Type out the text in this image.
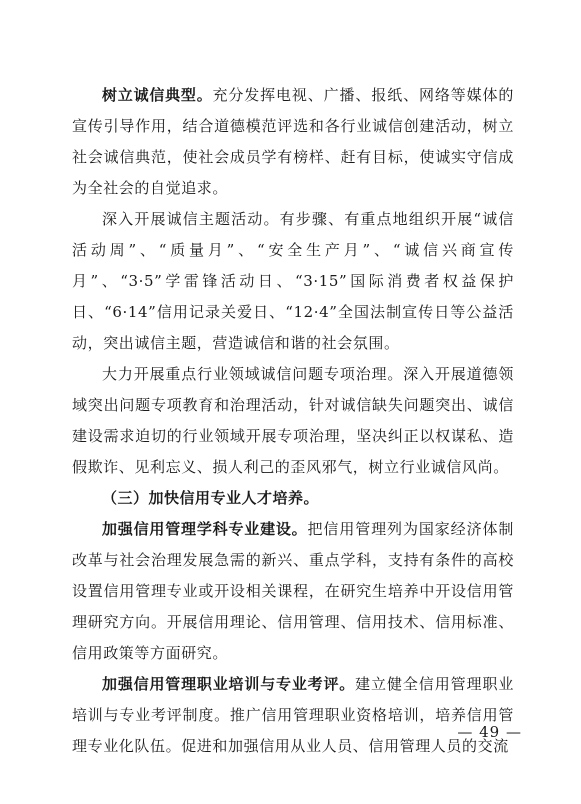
树立诚信典型。充分发挥电视、广播、报纸、网络等媒体的宣传引导作用，结合道德模范评选和各行业诚信创建活动，树立社会诚信典范，使社会成员学有榜样、赶有目标，使诚实守信成为全社会的自觉追求。

深入开展诚信主题活动。有步骤、有重点地组织开展“诚信活动周”、“质量月”、“安全生产月”、“诚信兴商宣传月”、“3·5”学雷锋活动日、“3·15”国际消费者权益保护日、“6·14”信用记录关爱日、“12·4”全国法制宣传日等公益活动，突出诚信主题，营造诚信和谐的社会氛围。

大力开展重点行业领域诚信问题专项治理。深入开展道德领域突出问题专项教育和治理活动，针对诚信缺失问题突出、诚信建设需求迫切的行业领域开展专项治理，坚决纠正以权谋私、造假欺诈、见利忘义、损人利己的歪风邪气，树立行业诚信风尚。

（三）加快信用专业人才培养。

加强信用管理学科专业建设。把信用管理列为国家经济体制改革与社会治理发展急需的新兴、重点学科，支持有条件的高校设置信用管理专业或开设相关课程，在研究生培养中开设信用管理研究方向。开展信用理论、信用管理、信用技术、信用标准、信用政策等方面研究。

加强信用管理职业培训与专业考评。建立健全信用管理职业培训与专业考评制度。推广信用管理职业资格培训，培养信用管理专业化队伍。促进和加强信用从业人员、信用管理人员的交流

— 49 —
